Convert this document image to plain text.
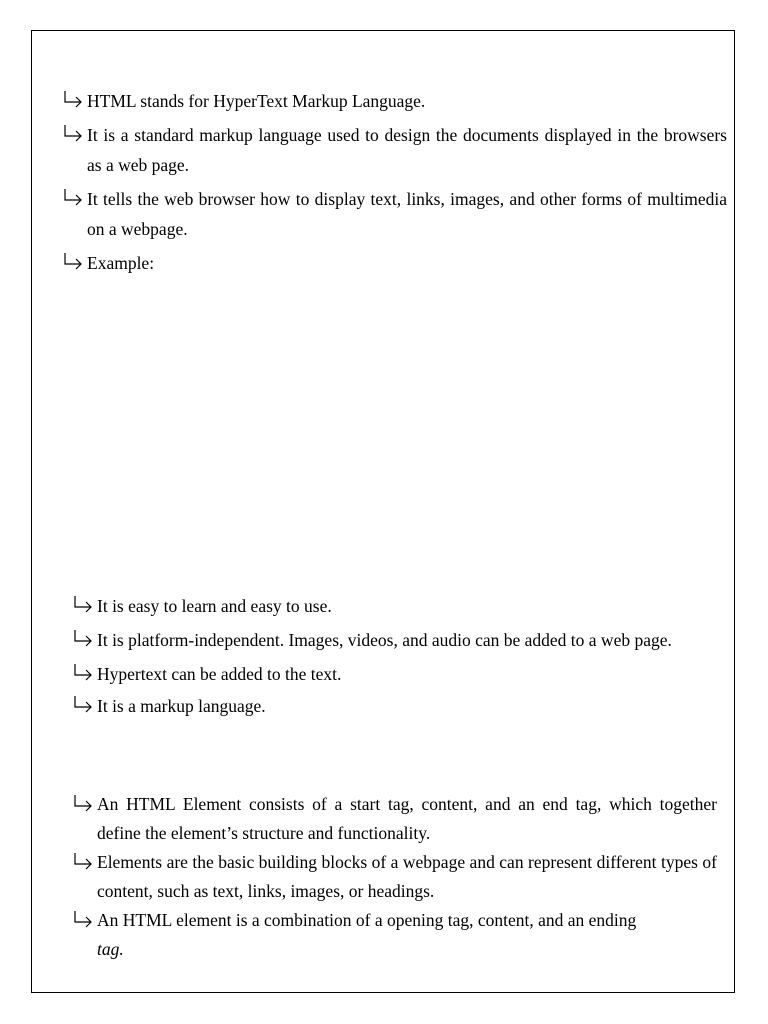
HTML stands for HyperText Markup Language.
It is a standard markup language used to design the documents displayed in the browsers as a web page.
It tells the web browser how to display text, links, images, and other forms of multimedia on a webpage.
Example:
It is easy to learn and easy to use.
It is platform-independent. Images, videos, and audio can be added to a web page.
Hypertext can be added to the text.
It is a markup language.
An HTML Element consists of a start tag, content, and an end tag, which together define the element’s structure and functionality.
Elements are the basic building blocks of a webpage and can represent different types of content, such as text, links, images, or headings.
An HTML element is a combination of a opening tag, content, and an ending
tag.
